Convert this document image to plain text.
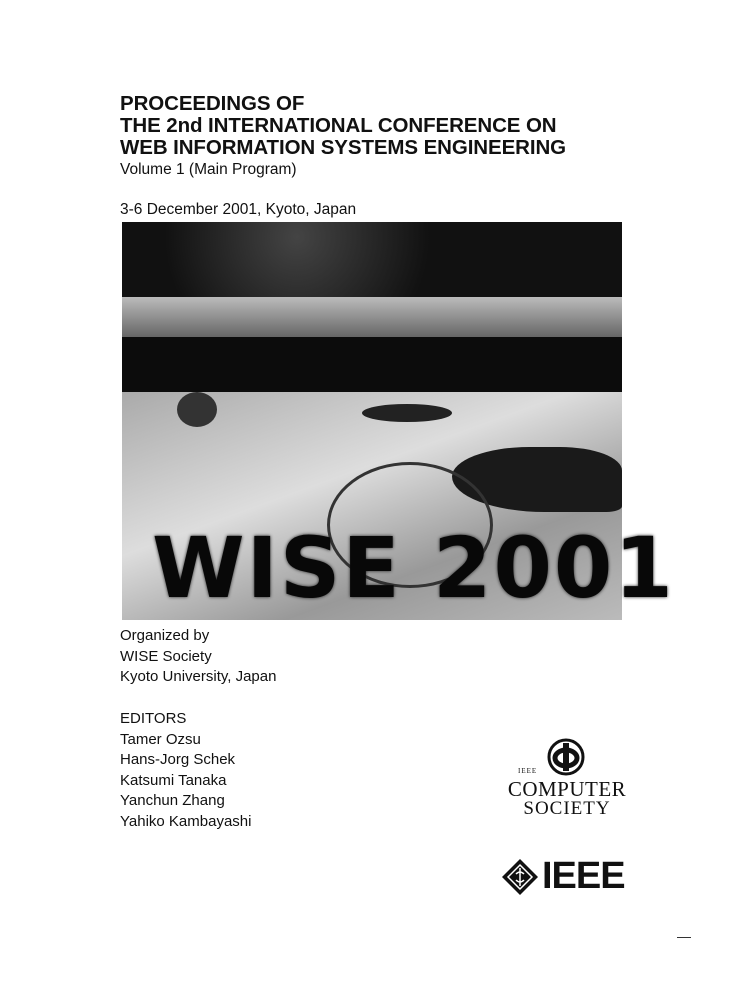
PROCEEDINGS OF
THE 2nd INTERNATIONAL CONFERENCE ON
WEB INFORMATION SYSTEMS ENGINEERING

Volume 1 (Main Program)

3-6 December 2001, Kyoto, Japan

WISE 2001
Organized by
WISE Society
Kyoto University, Japan
EDITORS
Tamer Ozsu
Hans-Jorg Schek
Katsumi Tanaka
Yanchun Zhang
Yahiko Kambayashi
IEEE
COMPUTER
SOCIETY
IEEE
